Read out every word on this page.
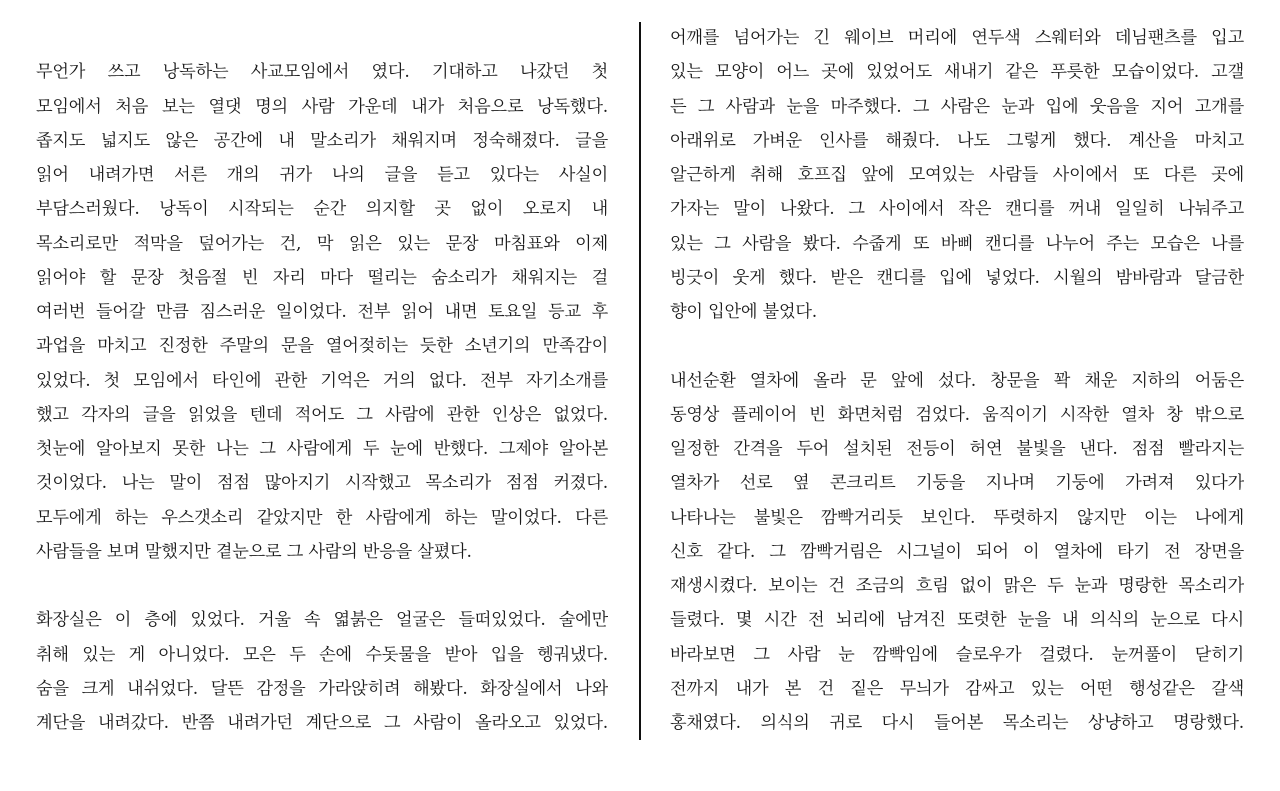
무언가 쓰고 낭독하는 사교모임에서 였다. 기대하고 나갔던 첫
모임에서 처음 보는 열댓 명의 사람 가운데 내가 처음으로 낭독했다.
좁지도 넓지도 않은 공간에 내 말소리가 채워지며 정숙해졌다. 글을
읽어 내려가면 서른 개의 귀가 나의 글을 듣고 있다는 사실이
부담스러웠다. 낭독이 시작되는 순간 의지할 곳 없이 오로지 내
목소리로만 적막을 덮어가는 건, 막 읽은 있는 문장 마침표와 이제
읽어야 할 문장 첫음절 빈 자리 마다 떨리는 숨소리가 채워지는 걸
여러번 들어갈 만큼 짐스러운 일이었다. 전부 읽어 내면 토요일 등교 후
과업을 마치고 진정한 주말의 문을 열어젖히는 듯한 소년기의 만족감이
있었다. 첫 모임에서 타인에 관한 기억은 거의 없다. 전부 자기소개를
했고 각자의 글을 읽었을 텐데 적어도 그 사람에 관한 인상은 없었다.
첫눈에 알아보지 못한 나는 그 사람에게 두 눈에 반했다. 그제야 알아본
것이었다. 나는 말이 점점 많아지기 시작했고 목소리가 점점 커졌다.
모두에게 하는 우스갯소리 같았지만 한 사람에게 하는 말이었다. 다른
사람들을 보며 말했지만 곁눈으로 그 사람의 반응을 살폈다.
화장실은 이 층에 있었다. 거울 속 엷붉은 얼굴은 들떠있었다. 술에만
취해 있는 게 아니었다. 모은 두 손에 수돗물을 받아 입을 헹궈냈다.
숨을 크게 내쉬었다. 달뜬 감정을 가라앉히려 해봤다. 화장실에서 나와
계단을 내려갔다. 반쯤 내려가던 계단으로 그 사람이 올라오고 있었다.
어깨를 넘어가는 긴 웨이브 머리에 연두색 스웨터와 데님팬츠를 입고
있는 모양이 어느 곳에 있었어도 새내기 같은 푸릇한 모습이었다. 고갤
든 그 사람과 눈을 마주했다. 그 사람은 눈과 입에 웃음을 지어 고개를
아래위로 가벼운 인사를 해줬다. 나도 그렇게 했다. 계산을 마치고
알근하게 취해 호프집 앞에 모여있는 사람들 사이에서 또 다른 곳에
가자는 말이 나왔다. 그 사이에서 작은 캔디를 꺼내 일일히 나눠주고
있는 그 사람을 봤다. 수줍게 또 바삐 캔디를 나누어 주는 모습은 나를
빙긋이 웃게 했다. 받은 캔디를 입에 넣었다. 시월의 밤바람과 달금한
향이 입안에 불었다.
내선순환 열차에 올라 문 앞에 섰다. 창문을 꽉 채운 지하의 어둠은
동영상 플레이어 빈 화면처럼 검었다. 움직이기 시작한 열차 창 밖으로
일정한 간격을 두어 설치된 전등이 허연 불빛을 낸다. 점점 빨라지는
열차가 선로 옆 콘크리트 기둥을 지나며 기둥에 가려져 있다가
나타나는 불빛은 깜빡거리듯 보인다. 뚜렷하지 않지만 이는 나에게
신호 같다. 그 깜빡거림은 시그널이 되어 이 열차에 타기 전 장면을
재생시켰다. 보이는 건 조금의 흐림 없이 맑은 두 눈과 명랑한 목소리가
들렸다. 몇 시간 전 뇌리에 남겨진 또렷한 눈을 내 의식의 눈으로 다시
바라보면 그 사람 눈 깜빡임에 슬로우가 걸렸다. 눈꺼풀이 닫히기
전까지 내가 본 건 짙은 무늬가 감싸고 있는 어떤 행성같은 갈색
홍채였다. 의식의 귀로 다시 들어본 목소리는 상냥하고 명랑했다.
